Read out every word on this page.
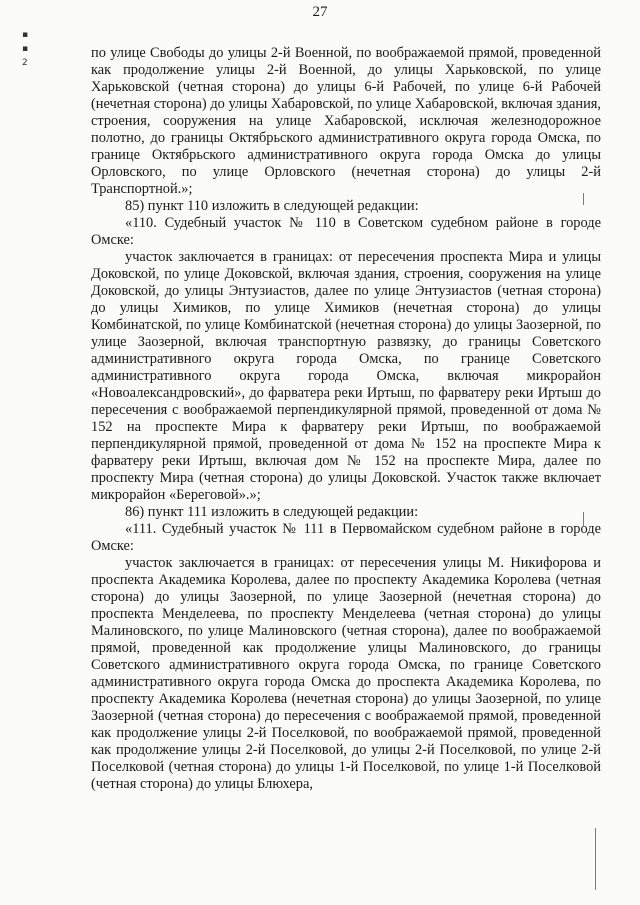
27
▪
▪
2

по улице Свободы до улицы 2-й Военной, по воображаемой прямой, проведенной как продолжение улицы 2-й Военной, до улицы Харьковской, по улице Харьковской (четная сторона) до улицы 6-й Рабочей, по улице 6-й Рабочей (нечетная сторона) до улицы Хабаровской, по улице Хабаровской, включая здания, строения, сооружения на улице Хабаровской, исключая железнодорожное полотно, до границы Октябрьского административного округа города Омска, по границе Октябрьского административного округа города Омска до улицы Орловского, по улице Орловского (нечетная сторона) до улицы 2-й Транспортной.»;

85) пункт 110 изложить в следующей редакции:

«110. Судебный участок № 110 в Советском судебном районе в городе Омске:

участок заключается в границах: от пересечения проспекта Мира и улицы Доковской, по улице Доковской, включая здания, строения, сооружения на улице Доковской, до улицы Энтузиастов, далее по улице Энтузиастов (четная сторона) до улицы Химиков, по улице Химиков (нечетная сторона) до улицы Комбинатской, по улице Комбинатской (нечетная сторона) до улицы Заозерной, по улице Заозерной, включая транспортную развязку, до границы Советского административного округа города Омска, по границе Советского административного округа города Омска, включая микрорайон «Новоалександровский», до фарватера реки Иртыш, по фарватеру реки Иртыш до пересечения с воображаемой перпендикулярной прямой, проведенной от дома № 152 на проспекте Мира к фарватеру реки Иртыш, по воображаемой перпендикулярной прямой, проведенной от дома № 152 на проспекте Мира к фарватеру реки Иртыш, включая дом № 152 на проспекте Мира, далее по проспекту Мира (четная сторона) до улицы Доковской. Участок также включает микрорайон «Береговой».»;

86) пункт 111 изложить в следующей редакции:

«111. Судебный участок № 111 в Первомайском судебном районе в городе Омске:

участок заключается в границах: от пересечения улицы М. Никифорова и проспекта Академика Королева, далее по проспекту Академика Королева (четная сторона) до улицы Заозерной, по улице Заозерной (нечетная сторона) до проспекта Менделеева, по проспекту Менделеева (четная сторона) до улицы Малиновского, по улице Малиновского (четная сторона), далее по воображаемой прямой, проведенной как продолжение улицы Малиновского, до границы Советского административного округа города Омска, по границе Советского административного округа города Омска до проспекта Академика Королева, по проспекту Академика Королева (нечетная сторона) до улицы Заозерной, по улице Заозерной (четная сторона) до пересечения с воображаемой прямой, проведенной как продолжение улицы 2-й Поселковой, по воображаемой прямой, проведенной как продолжение улицы 2-й Поселковой, до улицы 2-й Поселковой, по улице 2-й Поселковой (четная сторона) до улицы 1-й Поселковой, по улице 1-й Поселковой (четная сторона) до улицы Блюхера,
